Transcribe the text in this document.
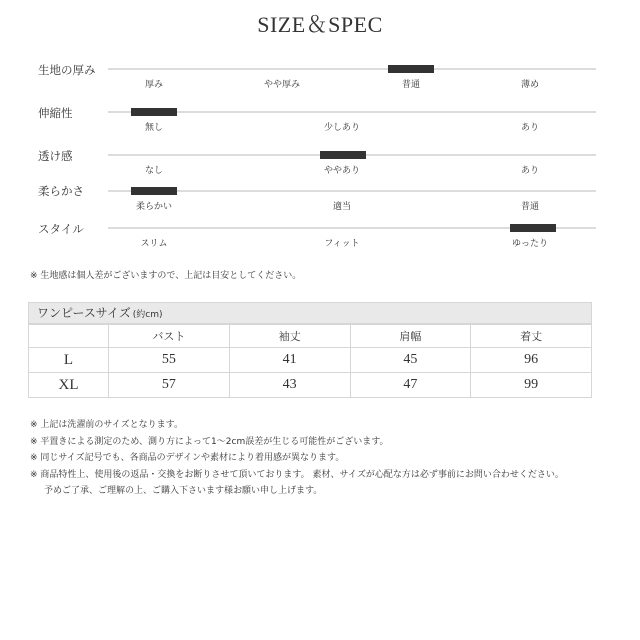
SIZE＆SPEC
生地の厚み
厚み	やや厚み	普通	薄め
伸縮性
無し	少しあり	あり
透け感
なし	ややあり	あり
柔らかさ
柔らかい	適当	普通
スタイル
スリム	フィット	ゆったり
※ 生地感は個人差がございますので、上記は目安としてください。
ワンピースサイズ (約cm)
	バスト	袖丈	肩幅	着丈
L	55	41	45	96
XL	57	43	47	99
※ 上記は洗濯前のサイズとなります。
※ 平置きによる測定のため、測り方によって1〜2cm誤差が生じる可能性がございます。
※ 同じサイズ記号でも、各商品のデザインや素材により着用感が異なります。
※ 商品特性上、使用後の返品・交換をお断りさせて頂いております。 素材、サイズが心配な方は必ず事前にお問い合わせください。
予めご了承、ご理解の上、ご購入下さいます様お願い申し上げます。
